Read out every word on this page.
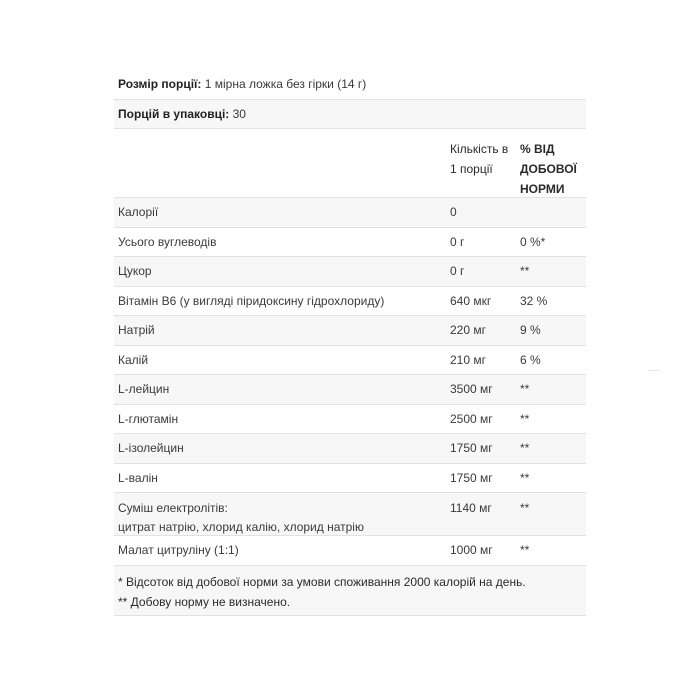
Розмір порції: 1 мірна ложка без гірки (14 г)
Порцій в упаковці: 30
Кількість в 1 порції
% ВІД ДОБОВОЇ НОРМИ
Калорії	0
Усього вуглеводів	0 г	0 %*
Цукор	0 г	**
Вітамін B6 (у вигляді піридоксину гідрохлориду)	640 мкг	32 %
Натрій	220 мг	9 %
Калій	210 мг	6 %
L-лейцин	3500 мг	**
L-глютамін	2500 мг	**
L-ізолейцин	1750 мг	**
L-валін	1750 мг	**
Суміш електролітів:
цитрат натрію, хлорид калію, хлорид натрію
1140 мг	**
Малат цитруліну (1:1)	1000 мг	**
* Відсоток від добової норми за умови споживання 2000 калорій на день.
** Добову норму не визначено.
